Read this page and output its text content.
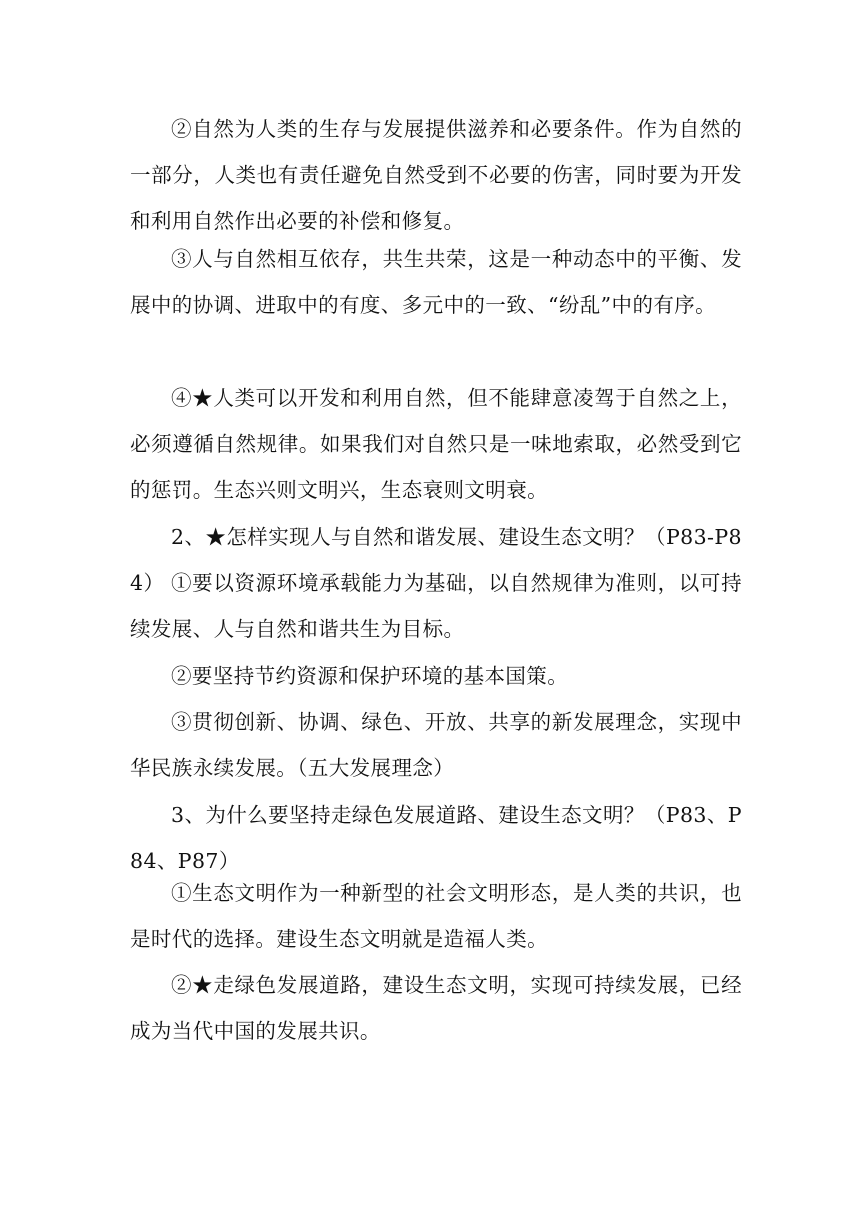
②自然为人类的生存与发展提供滋养和必要条件。作为自然的一部分，人类也有责任避免自然受到不必要的伤害，同时要为开发和利用自然作出必要的补偿和修复。

③人与自然相互依存，共生共荣，这是一种动态中的平衡、发展中的协调、进取中的有度、多元中的一致、“纷乱”中的有序。

④★人类可以开发和利用自然，但不能肆意凌驾于自然之上，必须遵循自然规律。如果我们对自然只是一味地索取，必然受到它的惩罚。生态兴则文明兴，生态衰则文明衰。

2、★怎样实现人与自然和谐发展、建设生态文明？（P83-P84） ①要以资源环境承载能力为基础，以自然规律为准则，以可持续发展、人与自然和谐共生为目标。

②要坚持节约资源和保护环境的基本国策。

③贯彻创新、协调、绿色、开放、共享的新发展理念，实现中华民族永续发展。（五大发展理念）

3、为什么要坚持走绿色发展道路、建设生态文明？（P83、P84、P87）

①生态文明作为一种新型的社会文明形态，是人类的共识，也是时代的选择。建设生态文明就是造福人类。

②★走绿色发展道路，建设生态文明，实现可持续发展，已经成为当代中国的发展共识。
